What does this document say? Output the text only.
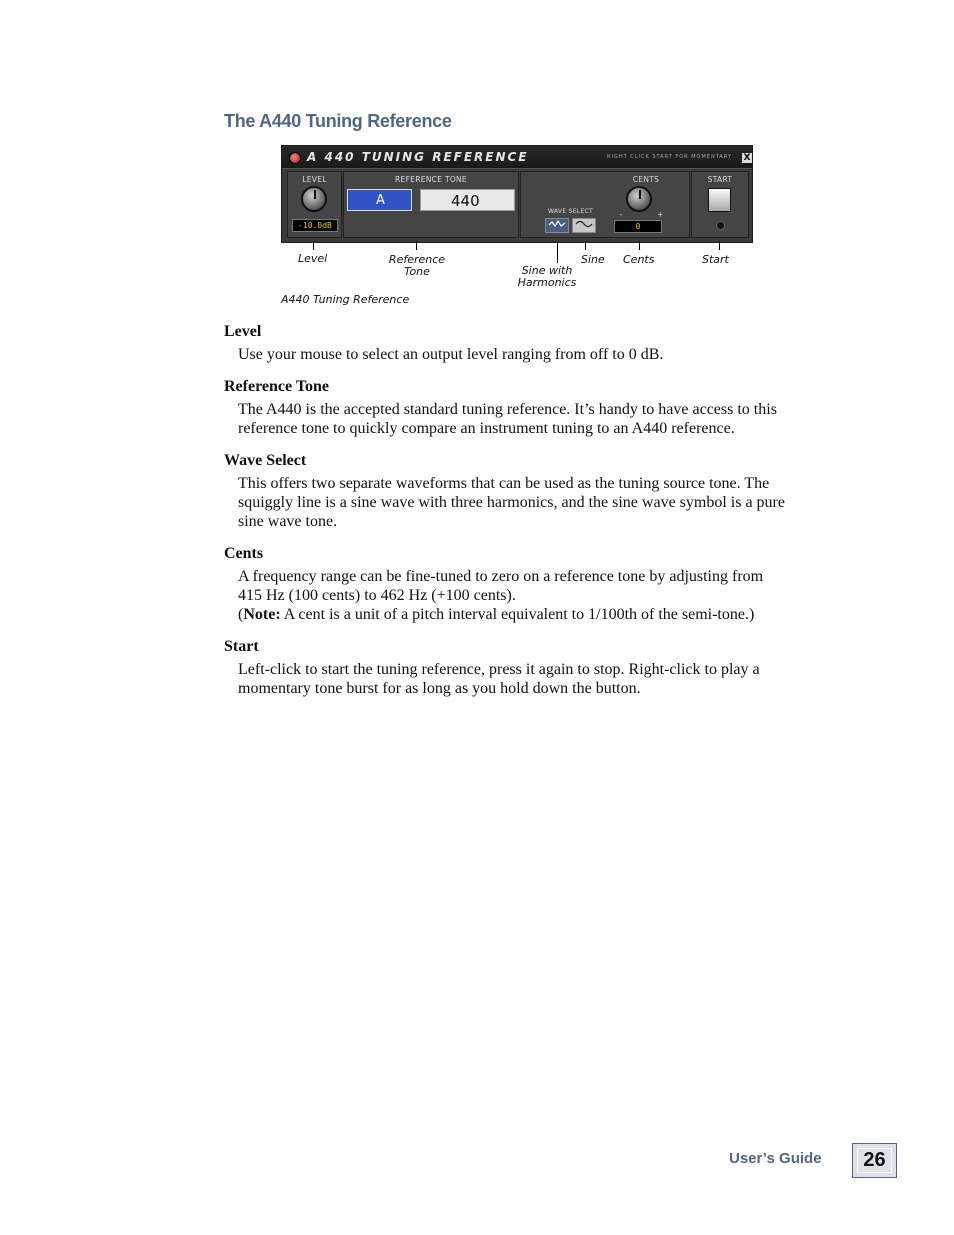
The A440 Tuning Reference
A 440 TUNING REFERENCE	RIGHT CLICK START FOR MOMENTARY X
LEVEL
-10.0dB
REFERENCE TONE
A	440
CENTS
WAVE SELECT	-	+
0
START
Level	Reference
Tone	Sine with
Harmonics
Sine Cents	Start
A440 Tuning Reference
Level
Use your mouse to select an output level ranging from off to 0 dB.
Reference Tone
The A440 is the accepted standard tuning reference. It’s handy to have access to this
reference tone to quickly compare an instrument tuning to an A440 reference.
Wave Select
This offers two separate waveforms that can be used as the tuning source tone. The
squiggly line is a sine wave with three harmonics, and the sine wave symbol is a pure
sine wave tone.
Cents
A frequency range can be fine-tuned to zero on a reference tone by adjusting from
415 Hz (100 cents) to 462 Hz (+100 cents).
(Note: A cent is a unit of a pitch interval equivalent to 1/100th of the semi-tone.)
Start
Left-click to start the tuning reference, press it again to stop. Right-click to play a
momentary tone burst for as long as you hold down the button.
User’s Guide	26
